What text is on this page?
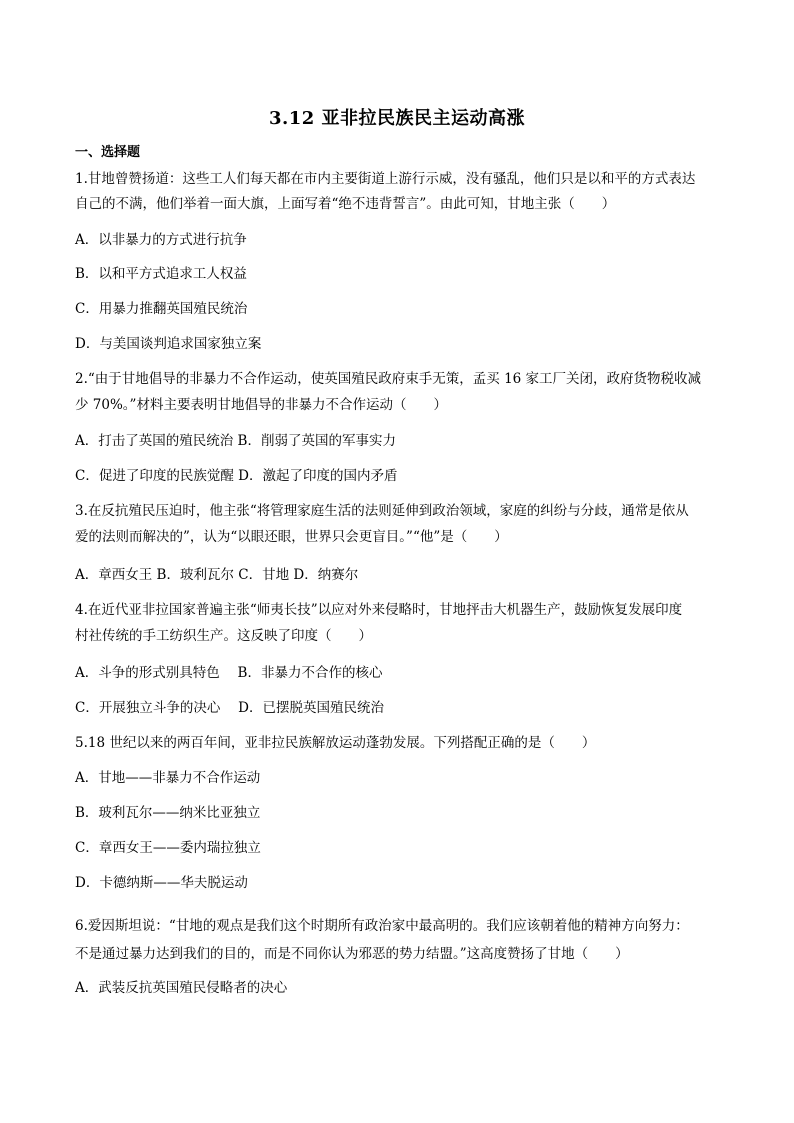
3.12 亚非拉民族民主运动高涨
一、选择题
1.甘地曾赞扬道：这些工人们每天都在市内主要街道上游行示威，没有骚乱，他们只是以和平的方式表达
自己的不满，他们举着一面大旗，上面写着“绝不违背誓言”。由此可知，甘地主张（　　）
A．以非暴力的方式进行抗争
B．以和平方式追求工人权益
C．用暴力推翻英国殖民统治
D．与美国谈判追求国家独立案
2.“由于甘地倡导的非暴力不合作运动，使英国殖民政府束手无策，孟买 16 家工厂关闭，政府货物税收减
少 70%。”材料主要表明甘地倡导的非暴力不合作运动（　　）
A．打击了英国的殖民统治 B．削弱了英国的军事实力
C．促进了印度的民族觉醒 D．激起了印度的国内矛盾
3.在反抗殖民压迫时，他主张“将管理家庭生活的法则延伸到政治领域，家庭的纠纷与分歧，通常是依从
爱的法则而解决的”，认为“以眼还眼，世界只会更盲目。”“他”是（　　）
A．章西女王 B．玻利瓦尔 C．甘地 D．纳赛尔
4.在近代亚非拉国家普遍主张“师夷长技”以应对外来侵略时，甘地抨击大机器生产，鼓励恢复发展印度
村社传统的手工纺织生产。这反映了印度（　　）
A．斗争的形式别具特色　 B．非暴力不合作的核心
C．开展独立斗争的决心　 D．已摆脱英国殖民统治
5.18 世纪以来的两百年间，亚非拉民族解放运动蓬勃发展。下列搭配正确的是（　　）
A．甘地——非暴力不合作运动
B．玻利瓦尔——纳米比亚独立
C．章西女王——委内瑞拉独立
D．卡德纳斯——华夫脱运动
6.爱因斯坦说：“甘地的观点是我们这个时期所有政治家中最高明的。我们应该朝着他的精神方向努力：
不是通过暴力达到我们的目的，而是不同你认为邪恶的势力结盟。”这高度赞扬了甘地（　　）
A．武装反抗英国殖民侵略者的决心
